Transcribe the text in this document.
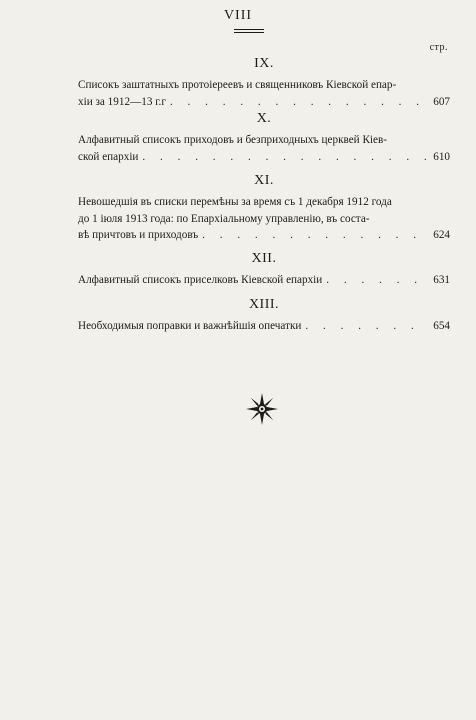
VIII
стр.
IX.
Списокъ заштатныхъ протоіереевъ и священниковъ Кіевской епар-
хіи за 1912—13 г.г . . .	607
X.
Алфавитный списокъ приходовъ и безприходныхъ церквей Кіев-
ской епархіи . . .	610
XI.
Невошедшія въ списки перемѣны за время съ 1 декабря 1912 года
до 1 іюля 1913 года: по Епархіальному управленію, въ соста-
вѣ причтовъ и приходовъ . . .	624
XII.
Алфавитный списокъ приселковъ Кіевской епархіи . . .	631
XIII.
Необходимыя поправки и важнѣйшія опечатки . . .	654
